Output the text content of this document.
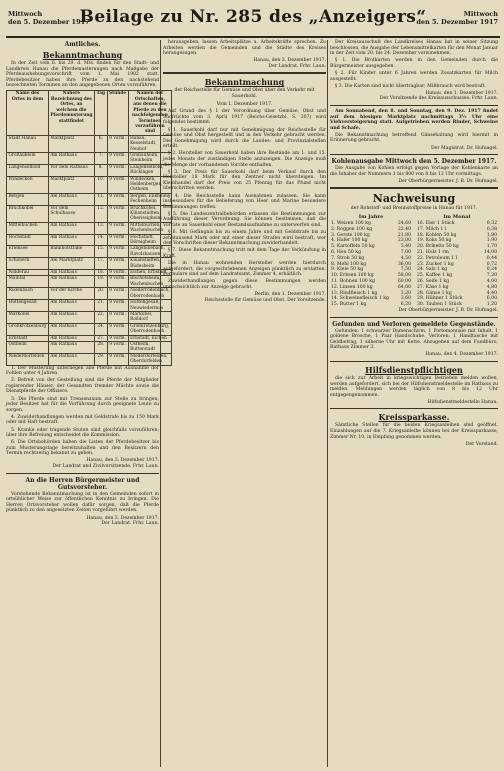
Mittwoch
den 5. Dezember 1917
Beilage zu Nr. 285 des „Anzeigers“	Mittwoch
den 5. Dezember 1917
Amtliches.
Bekanntmachung

In der Zeit vom 6. bis 29. d. Mts. finden für den Stadt- und Landkreis Hanau die Pferdemusterungen nach Maßgabe der Pferdeaushebungsvorschrift vom 1. Mai 1902 statt. Pferdebesitzer haben ihre Pferde zu den nachstehend bezeichneten Terminen an den angegebenen Orten vorzuführen.

Name des Ortes in dem	Nähere Bezeichnung des Ortes, an welchem die Pferdemusterung stattfindet	Tag	Stunde	Namen der Ortschaften, aus denen die Pferde zu den nachfolgenden Terminen vorzuführen sind
Stadt Hanau	Marktplatz	6.	9 vorm.	Hanau, Kesselstadt, Neuhof
Großauheim	Am Rathaus	7.	9 vorm.	Großauheim, Steinheim
Langenselbold	Vor dem Rathaus	8.	9 vorm.	Langenselbold, Rückingen
Windecken	Marktplatz	10.	9 vorm.	Windecken, Heldenbergen, Ostheim
Bergen	Am Rathaus	11.	9 vorm.	Bergen, Enkheim, Fechenheim
Bruchköbel	Vor dem Schulhause	12.	9 vorm.	Bruchköbel, Kilianstädten, Oberissigheim
Mittelbuchen	Am Rathaus	13.	9 vorm.	Mittelbuchen, Wachenbuchen
Hochstadt	Am Rathaus	14.	9 vorm.	Hochstadt, Dörnigheim
Erlensee	Bahnhofstraße	15.	9 vorm.	Langendiebach, Ravolzhausen
Schöneck	Am Marktplatz	17.	9 vorm.	Kilianstädten, Büdesheim
Nidderau	Am Rathaus	18.	9 vorm.	Eichen, Erbstadt
Maintal	Am Rathaus	19.	9 vorm.	Bischofsheim, Wachenbuchen
Rodenbach	Vor der Kirche	20.	9 vorm.	Niederrodenbach, Oberrodenbach
Hüttengesäß	Am Rathaus	21.	9 vorm.	Hüttengesäß, Neuwiedermus
Marköbel	Am Rathaus	22.	9 vorm.	Marköbel, Roßdorf
Großkrotzenburg	Am Rathaus	24.	9 vorm.	Großkrotzenburg, Oberrodenbach
Erbstadt	Am Rathaus	27.	9 vorm.	Erbstadt, Eichen
Ostheim	Am Rathaus	28.	9 vorm.	Ostheim, Butterstadt
Niederdorfelden	Am Rathaus	29.	9 vorm.	Niederdorfelden, Oberdorfelden

1. Der Musterung unterliegen alle Pferde mit Ausnahme der Fohlen unter 4 Jahren.

2. Befreit von der Gestellung sind die Pferde der Mitglieder regierender Häuser, der Gesandten fremder Mächte sowie die Dienstpferde der Offiziere.

3. Die Pferde sind mit Trensenzaum zur Stelle zu bringen; jeder Besitzer hat für die Vorführung durch geeignete Leute zu sorgen.

4. Zuwiderhandlungen werden mit Geldstrafe bis zu 150 Mark oder mit Haft bestraft.

5. Kranke oder tragende Stuten sind gleichfalls vorzuführen; über ihre Befreiung entscheidet die Kommission.

6. Die Ortsbehörden haben die Listen der Pferdebesitzer bis zum Musterungstage bereitzuhalten und den Besitzern den Termin rechtzeitig bekannt zu geben.

Hanau, den 3. Dezember 1917.
Der Landrat und Zivilvorsitzende. Frhr. Laun.
An die Herren Bürgermeister und Gutsvorsteher.

Vorstehende Bekanntmachung ist in den Gemeinden sofort in ortsüblicher Weise zur öffentlichen Kenntnis zu bringen. Die Herren Ortsvorsteher wollen dafür sorgen, daß die Pferde pünktlich zu den angesetzten Zeiten vorgeführt werden.

Hanau, den 3. Dezember 1917.
Der Landrat. Frhr. Laun.

herausgeben, lassen Arbeitsplätze u. Arbeitskräfte sprechen. Zu Arbeiten werden die Gemeinden und die Städte des Kreises herangezogen.

Hanau, den 3. Dezember 1917.
Der Landrat. Frhr. Laun.
Bekanntmachung
der Reichsstelle für Gemüse und Obst über den Verkehr mit Sauerkohl.
Vom 1. Dezember 1917.

Auf Grund des § 1 der Verordnung über Gemüse, Obst und Südfrüchte vom 3. April 1917 (Reichs-Gesetzbl. S. 307) wird folgendes bestimmt:

§ 1. Sauerkohl darf nur mit Genehmigung der Reichsstelle für Gemüse und Obst hergestellt und in den Verkehr gebracht werden. Die Genehmigung wird durch die Landes- und Provinzialstellen erteilt.

§ 2. Hersteller von Sauerkohl haben ihre Bestände am 1. und 15. jedes Monats der zuständigen Stelle anzuzeigen. Die Anzeige muß die Menge der vorhandenen Vorräte enthalten.

§ 3. Der Preis für Sauerkohl darf beim Verkauf durch den Hersteller 18 Mark für den Zentner nicht übersteigen. Im Kleinhandel darf der Preis von 25 Pfennig für das Pfund nicht überschritten werden.

§ 4. Die Reichsstelle kann Ausnahmen zulassen. Sie kann insbesondere für die Belieferung von Heer und Marine besondere Bestimmungen treffen.

§ 5. Die Landeszentralbehörden erlassen die Bestimmungen zur Ausführung dieser Verordnung. Sie können bestimmen, daß die Vorräte an Sauerkohl einer Bestandsaufnahme zu unterwerfen sind.

§ 6. Mit Gefängnis bis zu einem Jahre und mit Geldstrafe bis zu zehntausend Mark oder mit einer dieser Strafen wird bestraft, wer den Vorschriften dieser Bekanntmachung zuwiderhandelt.

§ 7. Diese Bekanntmachung tritt mit dem Tage der Verkündung in Kraft.

Die in Hanau wohnenden Hersteller werden hierdurch aufgefordert, die vorgeschriebenen Anzeigen pünktlich zu erstatten. Formulare sind auf dem Landratsamt, Zimmer 4, erhältlich.

Zuwiderhandlungen gegen diese Bestimmungen werden unnachsichtlich zur Anzeige gebracht.

Berlin, den 1. Dezember 1917.
Reichsstelle für Gemüse und Obst. Der Vorsitzende.

Der Kreisausschuß des Landkreises Hanau hat in seiner Sitzung beschlossen, die Ausgabe der Lebensmittelkarten für den Monat Januar in der Zeit vom 20. bis 24. Dezember vorzunehmen.

§ 1. Die Brotkarten werden in den Gemeinden durch die Bürgermeister ausgegeben.

§ 2. Für Kinder unter 6 Jahren werden Zusatzkarten für Milch ausgestellt.

§ 3. Die Karten sind nicht übertragbar; Mißbrauch wird bestraft.

Hanau, den 1. Dezember 1917.
Der Vorsitzende des Kreisausschusses. Frhr. Laun.

Am Sonnabend, den 8. und Sonntag, den 9. Dez. 1917 findet auf dem hiesigen Marktplatz nachmittags 3½ Uhr eine Viehversteigerung statt. Aufgetrieben werden Rinder, Schweine und Schafe.

Die Bekanntmachung betreffend Gänsehaltung wird hiermit in Erinnerung gebracht.

Der Magistrat. Dr. Hufnagel.
Kohlenausgabe Mittwoch den 5. Dezember 1917.

Die Ausgabe von Kohlen erfolgt gegen Vorlage der Kohlenkarte an die Inhaber der Nummern 1 bis 800 von 8 bis 12 Uhr vormittags.

Der Oberbürgermeister. J. B. Dr. Hufnagel.
Nachweisung
der Rohstoff- und Brennstoffpreise in Hanau für 1917.
Im Jahre
1. Weizen 100 kg	24,60
2. Roggen 100 kg	22,40
3. Gerste 100 kg	21,80
4. Hafer 100 kg	23,00
5. Kartoffeln 50 kg	5,40
6. Heu 50 kg	7,00
7. Stroh 50 kg	4,50
8. Mehl 100 kg	36,00
9. Kleie 50 kg	7,50
10. Erbsen 100 kg	58,00
11. Bohnen 100 kg	60,00
12. Linsen 100 kg	64,00
13. Rindfleisch 1 kg	3,20
14. Schweinefleisch 1 kg	3,60
15. Butter 1 kg	6,20
Im Monat
16. Eier 1 Stück	0,32
17. Milch 1 l	0,38
18. Kohlen 50 kg	1,80
19. Koks 50 kg	1,90
20. Briketts 50 kg	1,70
21. Holz 1 rm	14,00
22. Petroleum 1 l	0,44
23. Zucker 1 kg	0,72
24. Salz 1 kg	0,24
25. Kaffee 1 kg	7,20
26. Seife 1 kg	4,00
27. Käse 1 kg	4,80
28. Gänse 1 kg	4,40
29. Hühner 1 Stück	6,00
30. Tauben 1 Stück	1,20
Der Oberbürgermeister. J. B. Dr. Hufnagel.
Gefunden und Verloren gemeldete Gegenstände.

Gefunden: 1 schwarzer Damenschirm, 1 Portemonnaie mit Inhalt, 1 goldene Brosche, 1 Paar Handschuhe. Verloren: 1 Handtasche mit Geldbetrag, 1 silberne Uhr mit Kette. Abzugeben auf dem Fundbüro, Rathaus Zimmer 3.

Hanau, den 4. Dezember 1917.
Hilfsdienstpflichtigen

die sich zur Arbeit in kriegswichtigen Betrieben melden wollen, werden aufgefordert, sich bei der Hilfsdienstmeldestelle im Rathaus zu melden. Meldungen werden täglich von 8 bis 12 Uhr entgegengenommen.

Hilfsdienstmeldestelle Hanau.
Kreissparkasse.

Sämtliche Stellen für die beiden Kriegsanleihen sind geöffnet. Einzahlungen auf die 7. Kriegsanleihe können bei der Kreissparkasse, Zimmer Nr. 10, in Empfang genommen werden.

Der Vorstand.
